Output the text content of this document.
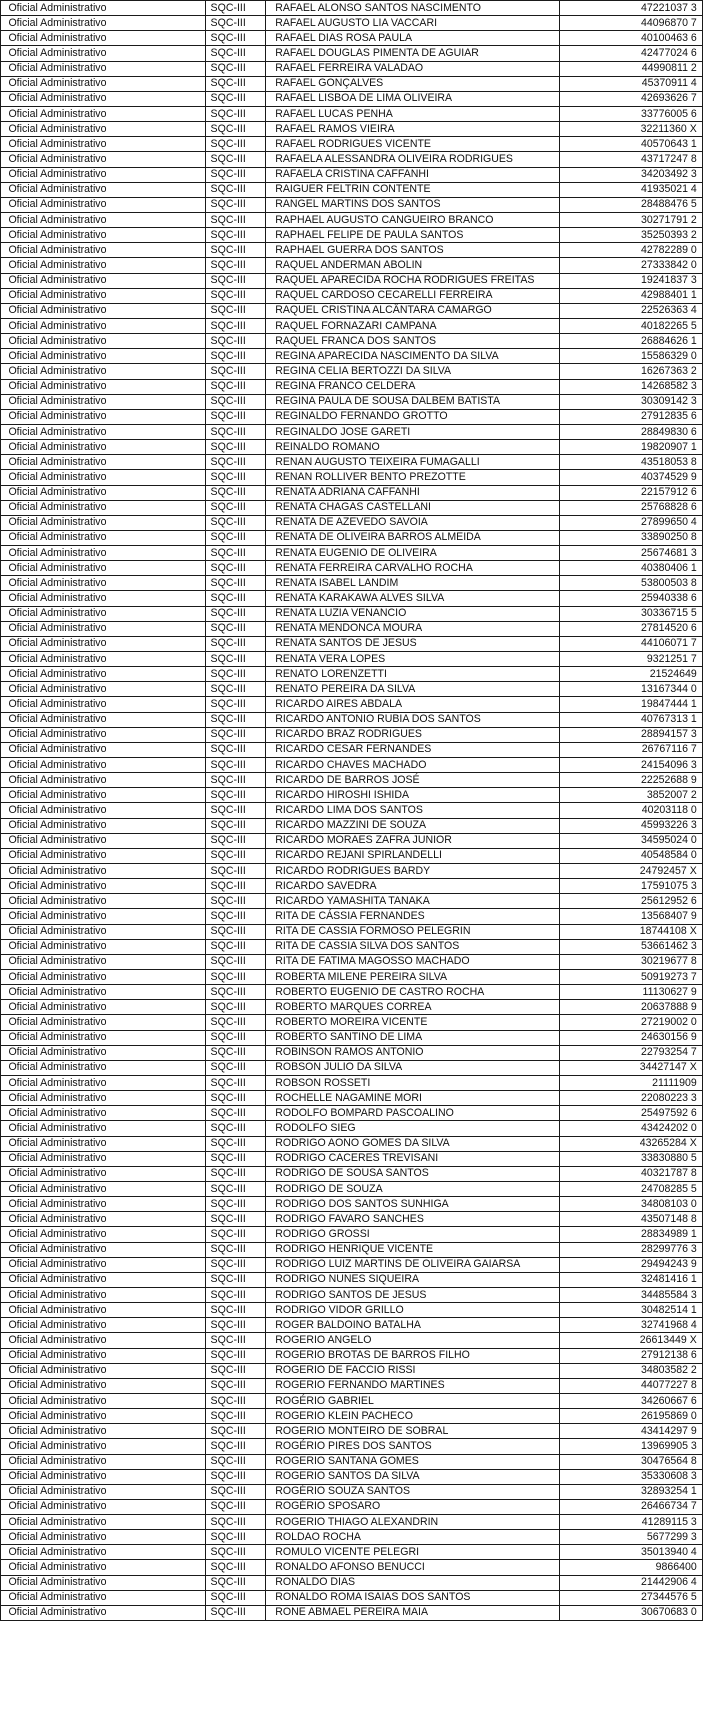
Oficial Administrativo	SQC-III	RAFAEL ALONSO SANTOS NASCIMENTO	47221037 3
Oficial Administrativo	SQC-III	RAFAEL AUGUSTO LIA VACCARI	44096870 7
Oficial Administrativo	SQC-III	RAFAEL DIAS ROSA PAULA	40100463 6
Oficial Administrativo	SQC-III	RAFAEL DOUGLAS PIMENTA DE AGUIAR	42477024 6
Oficial Administrativo	SQC-III	RAFAEL FERREIRA VALADAO	44990811 2
Oficial Administrativo	SQC-III	RAFAEL GONÇALVES	45370911 4
Oficial Administrativo	SQC-III	RAFAEL LISBOA DE LIMA OLIVEIRA	42693626 7
Oficial Administrativo	SQC-III	RAFAEL LUCAS PENHA	33776005 6
Oficial Administrativo	SQC-III	RAFAEL RAMOS VIEIRA	32211360 X
Oficial Administrativo	SQC-III	RAFAEL RODRIGUES VICENTE	40570643 1
Oficial Administrativo	SQC-III	RAFAELA ALESSANDRA OLIVEIRA RODRIGUES	43717247 8
Oficial Administrativo	SQC-III	RAFAELA CRISTINA CAFFANHI	34203492 3
Oficial Administrativo	SQC-III	RAIGUER FELTRIN CONTENTE	41935021 4
Oficial Administrativo	SQC-III	RANGEL MARTINS DOS SANTOS	28488476 5
Oficial Administrativo	SQC-III	RAPHAEL AUGUSTO CANGUEIRO BRANCO	30271791 2
Oficial Administrativo	SQC-III	RAPHAEL FELIPE DE PAULA SANTOS	35250393 2
Oficial Administrativo	SQC-III	RAPHAEL GUERRA DOS SANTOS	42782289 0
Oficial Administrativo	SQC-III	RAQUEL ANDERMAN ABOLIN	27333842 0
Oficial Administrativo	SQC-III	RAQUEL APARECIDA ROCHA RODRIGUES FREITAS	19241837 3
Oficial Administrativo	SQC-III	RAQUEL CARDOSO CECARELLI FERREIRA	42988401 1
Oficial Administrativo	SQC-III	RAQUEL CRISTINA ALCÂNTARA CAMARGO	22526363 4
Oficial Administrativo	SQC-III	RAQUEL FORNAZARI CAMPANA	40182265 5
Oficial Administrativo	SQC-III	RAQUEL FRANCA DOS SANTOS	26884626 1
Oficial Administrativo	SQC-III	REGINA APARECIDA NASCIMENTO DA SILVA	15586329 0
Oficial Administrativo	SQC-III	REGINA CELIA BERTOZZI DA SILVA	16267363 2
Oficial Administrativo	SQC-III	REGINA FRANCO CELDERA	14268582 3
Oficial Administrativo	SQC-III	REGINA PAULA DE SOUSA DALBEM BATISTA	30309142 3
Oficial Administrativo	SQC-III	REGINALDO FERNANDO GROTTO	27912835 6
Oficial Administrativo	SQC-III	REGINALDO JOSE GARETI	28849830 6
Oficial Administrativo	SQC-III	REINALDO ROMANO	19820907 1
Oficial Administrativo	SQC-III	RENAN AUGUSTO TEIXEIRA FUMAGALLI	43518053 8
Oficial Administrativo	SQC-III	RENAN ROLLIVER BENTO PREZOTTE	40374529 9
Oficial Administrativo	SQC-III	RENATA ADRIANA CAFFANHI	22157912 6
Oficial Administrativo	SQC-III	RENATA CHAGAS CASTELLANI	25768828 6
Oficial Administrativo	SQC-III	RENATA DE AZEVEDO SAVOIA	27899650 4
Oficial Administrativo	SQC-III	RENATA DE OLIVEIRA BARROS ALMEIDA	33890250 8
Oficial Administrativo	SQC-III	RENATA EUGENIO DE OLIVEIRA	25674681 3
Oficial Administrativo	SQC-III	RENATA FERREIRA CARVALHO ROCHA	40380406 1
Oficial Administrativo	SQC-III	RENATA ISABEL LANDIM	53800503 8
Oficial Administrativo	SQC-III	RENATA KARAKAWA ALVES SILVA	25940338 6
Oficial Administrativo	SQC-III	RENATA LUZIA VENANCIO	30336715 5
Oficial Administrativo	SQC-III	RENATA MENDONCA MOURA	27814520 6
Oficial Administrativo	SQC-III	RENATA SANTOS DE JESUS	44106071 7
Oficial Administrativo	SQC-III	RENATA VERA LOPES	9321251 7
Oficial Administrativo	SQC-III	RENATO LORENZETTI	21524649
Oficial Administrativo	SQC-III	RENATO PEREIRA DA SILVA	13167344 0
Oficial Administrativo	SQC-III	RICARDO AIRES ABDALA	19847444 1
Oficial Administrativo	SQC-III	RICARDO ANTONIO RUBIA DOS SANTOS	40767313 1
Oficial Administrativo	SQC-III	RICARDO BRAZ RODRIGUES	28894157 3
Oficial Administrativo	SQC-III	RICARDO CESAR FERNANDES	26767116 7
Oficial Administrativo	SQC-III	RICARDO CHAVES MACHADO	24154096 3
Oficial Administrativo	SQC-III	RICARDO DE BARROS JOSÉ	22252688 9
Oficial Administrativo	SQC-III	RICARDO HIROSHI ISHIDA	3852007 2
Oficial Administrativo	SQC-III	RICARDO LIMA DOS SANTOS	40203118 0
Oficial Administrativo	SQC-III	RICARDO MAZZINI DE SOUZA	45993226 3
Oficial Administrativo	SQC-III	RICARDO MORAES ZAFRA JUNIOR	34595024 0
Oficial Administrativo	SQC-III	RICARDO REJANI SPIRLANDELLI	40548584 0
Oficial Administrativo	SQC-III	RICARDO RODRIGUES BARDY	24792457 X
Oficial Administrativo	SQC-III	RICARDO SAVEDRA	17591075 3
Oficial Administrativo	SQC-III	RICARDO YAMASHITA TANAKA	25612952 6
Oficial Administrativo	SQC-III	RITA DE CÁSSIA FERNANDES	13568407 9
Oficial Administrativo	SQC-III	RITA DE CASSIA FORMOSO PELEGRIN	18744108 X
Oficial Administrativo	SQC-III	RITA DE CASSIA SILVA DOS SANTOS	53661462 3
Oficial Administrativo	SQC-III	RITA DE FATIMA MAGOSSO MACHADO	30219677 8
Oficial Administrativo	SQC-III	ROBERTA MILENE PEREIRA SILVA	50919273 7
Oficial Administrativo	SQC-III	ROBERTO EUGENIO DE CASTRO ROCHA	11130627 9
Oficial Administrativo	SQC-III	ROBERTO MARQUES CORREA	20637888 9
Oficial Administrativo	SQC-III	ROBERTO MOREIRA VICENTE	27219002 0
Oficial Administrativo	SQC-III	ROBERTO SANTINO DE LIMA	24630156 9
Oficial Administrativo	SQC-III	ROBINSON RAMOS ANTONIO	22793254 7
Oficial Administrativo	SQC-III	ROBSON JULIO DA SILVA	34427147 X
Oficial Administrativo	SQC-III	ROBSON ROSSETI	21111909
Oficial Administrativo	SQC-III	ROCHELLE NAGAMINE MORI	22080223 3
Oficial Administrativo	SQC-III	RODOLFO BOMPARD PASCOALINO	25497592 6
Oficial Administrativo	SQC-III	RODOLFO SIEG	43424202 0
Oficial Administrativo	SQC-III	RODRIGO AONO GOMES DA SILVA	43265284 X
Oficial Administrativo	SQC-III	RODRIGO CACERES TREVISANI	33830880 5
Oficial Administrativo	SQC-III	RODRIGO DE SOUSA SANTOS	40321787 8
Oficial Administrativo	SQC-III	RODRIGO DE SOUZA	24708285 5
Oficial Administrativo	SQC-III	RODRIGO DOS SANTOS SUNHIGA	34808103 0
Oficial Administrativo	SQC-III	RODRIGO FAVARO SANCHES	43507148 8
Oficial Administrativo	SQC-III	RODRIGO GROSSI	28834989 1
Oficial Administrativo	SQC-III	RODRIGO HENRIQUE VICENTE	28299776 3
Oficial Administrativo	SQC-III	RODRIGO LUIZ MARTINS DE OLIVEIRA GAIARSA	29494243 9
Oficial Administrativo	SQC-III	RODRIGO NUNES SIQUEIRA	32481416 1
Oficial Administrativo	SQC-III	RODRIGO SANTOS DE JESUS	34485584 3
Oficial Administrativo	SQC-III	RODRIGO VIDOR GRILLO	30482514 1
Oficial Administrativo	SQC-III	ROGER BALDOINO BATALHA	32741968 4
Oficial Administrativo	SQC-III	ROGERIO ANGELO	26613449 X
Oficial Administrativo	SQC-III	ROGERIO BROTAS DE BARROS FILHO	27912138 6
Oficial Administrativo	SQC-III	ROGERIO DE FACCIO RISSI	34803582 2
Oficial Administrativo	SQC-III	ROGERIO FERNANDO MARTINES	44077227 8
Oficial Administrativo	SQC-III	ROGÉRIO GABRIEL	34260667 6
Oficial Administrativo	SQC-III	ROGERIO KLEIN PACHECO	26195869 0
Oficial Administrativo	SQC-III	ROGERIO MONTEIRO DE SOBRAL	43414297 9
Oficial Administrativo	SQC-III	ROGÉRIO PIRES DOS SANTOS	13969905 3
Oficial Administrativo	SQC-III	ROGERIO SANTANA GOMES	30476564 8
Oficial Administrativo	SQC-III	ROGERIO SANTOS DA SILVA	35330608 3
Oficial Administrativo	SQC-III	ROGÉRIO SOUZA SANTOS	32893254 1
Oficial Administrativo	SQC-III	ROGÉRIO SPOSARO	26466734 7
Oficial Administrativo	SQC-III	ROGERIO THIAGO ALEXANDRIN	41289115 3
Oficial Administrativo	SQC-III	ROLDAO ROCHA	5677299 3
Oficial Administrativo	SQC-III	ROMULO VICENTE PELEGRI	35013940 4
Oficial Administrativo	SQC-III	RONALDO AFONSO BENUCCI	9866400
Oficial Administrativo	SQC-III	RONALDO DIAS	21442906 4
Oficial Administrativo	SQC-III	RONALDO ROMA ISAIAS DOS SANTOS	27344576 5
Oficial Administrativo	SQC-III	RONE ABMAEL PEREIRA MAIA	30670683 0
